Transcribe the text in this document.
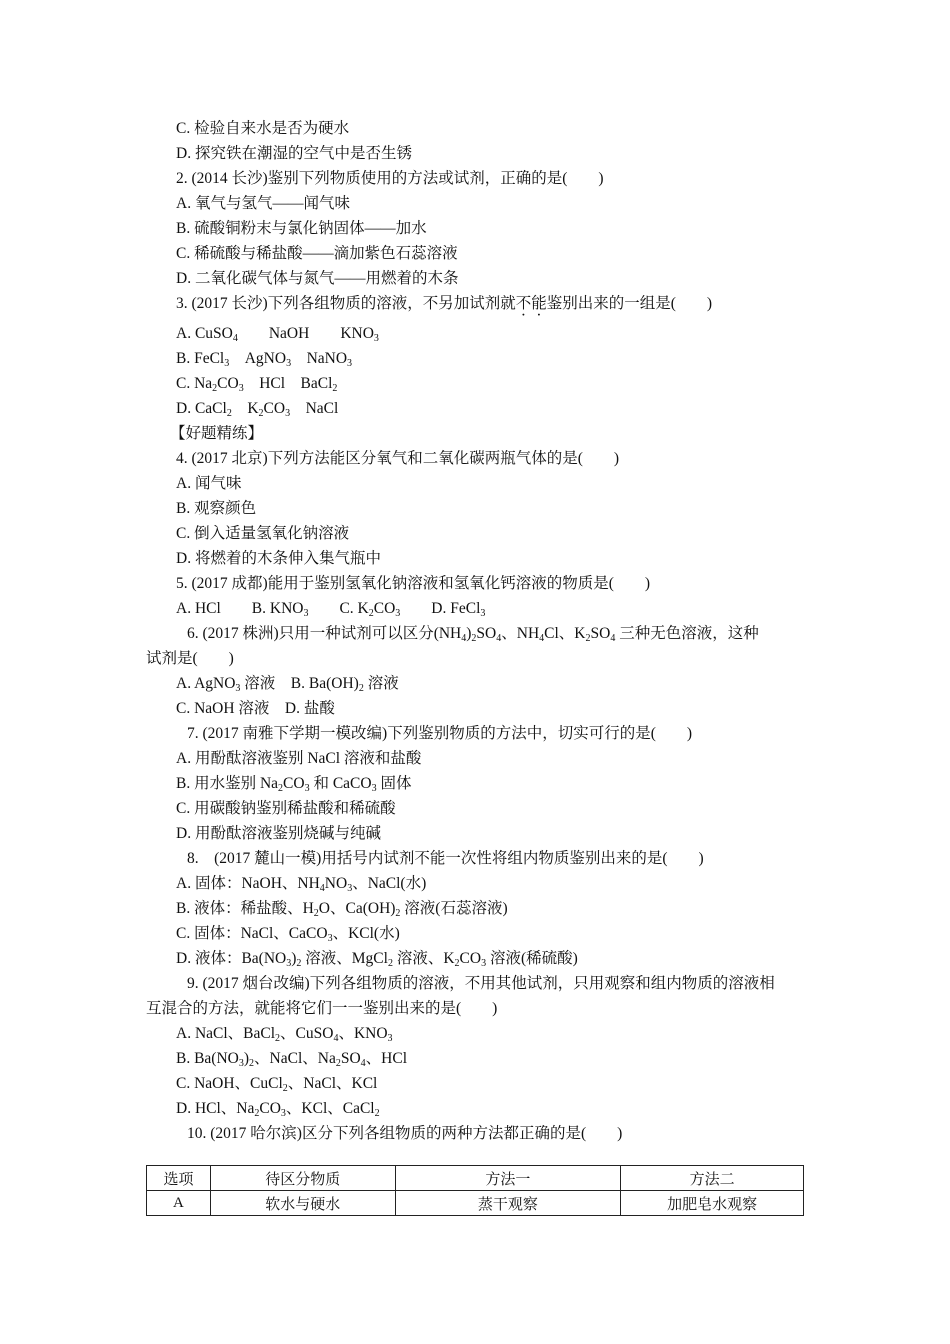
C. 检验自来水是否为硬水
D. 探究铁在潮湿的空气中是否生锈
2. (2014 长沙)鉴别下列物质使用的方法或试剂，正确的是(　　)
A. 氧气与氢气——闻气味
B. 硫酸铜粉末与氯化钠固体——加水
C. 稀硫酸与稀盐酸——滴加紫色石蕊溶液
D. 二氧化碳气体与氮气——用燃着的木条
3. (2017 长沙)下列各组物质的溶液，不另加试剂就不能鉴别出来的一组是(　　)
A. CuSO$_4$　　NaOH　　$KNO_3$
B. FeCl$_3$　AgNO$_3$　NaNO$_3$
C. $Na_2CO_3$　HCl　BaCl$_2$
D. CaCl$_2$　$K_2CO_3$　NaCl
【好题精练】
4. (2017 北京)下列方法能区分氧气和二氧化碳两瓶气体的是(　　)
A. 闻气味
B. 观察颜色
C. 倒入适量氢氧化钠溶液
D. 将燃着的木条伸入集气瓶中
5. (2017 成都)能用于鉴别氢氧化钠溶液和氢氧化钙溶液的物质是(　　)
A. HCl　　B. $KNO_3$　　C. $K_2CO_3$　　D. FeCl$_3$
6. (2017 株洲)只用一种试剂可以区分$(NH_4)_2SO_4$、$NH_4Cl$、$K_2SO_4$ 三种无色溶液，这种
试剂是(　　)
A. AgNO$_3$ 溶液　B. $Ba(OH)_2$ 溶液
C. NaOH 溶液　D. 盐酸
7. (2017 南雅下学期一模改编)下列鉴别物质的方法中，切实可行的是(　　)
A. 用酚酞溶液鉴别 NaCl 溶液和盐酸
B. 用水鉴别 $Na_2CO_3$ 和 CaCO$_3$ 固体
C. 用碳酸钠鉴别稀盐酸和稀硫酸
D. 用酚酞溶液鉴别烧碱与纯碱
8.　(2017 麓山一模)用括号内试剂不能一次性将组内物质鉴别出来的是(　　)
A. 固体：NaOH、$NH_4NO_3$、NaCl(水)
B. 液体：稀盐酸、$H_2O$、$Ca(OH)_2$ 溶液(石蕊溶液)
C. 固体：NaCl、CaCO$_3$、KCl(水)
D. 液体：$Ba(NO_3)_2$ 溶液、MgCl$_2$ 溶液、$K_2CO_3$ 溶液(稀硫酸)
9. (2017 烟台改编)下列各组物质的溶液，不用其他试剂，只用观察和组内物质的溶液相
互混合的方法，就能将它们一一鉴别出来的是(　　)
A. NaCl、BaCl$_2$、CuSO$_4$、$KNO_3$
B. $Ba(NO_3)_2$、NaCl、$Na_2SO_4$、HCl
C. NaOH、CuCl$_2$、NaCl、KCl
D. HCl、$Na_2CO_3$、KCl、CaCl$_2$
10. (2017 哈尔滨)区分下列各组物质的两种方法都正确的是(　　)
选项	待区分物质	方法一	方法二
A	软水与硬水	蒸干观察	加肥皂水观察
